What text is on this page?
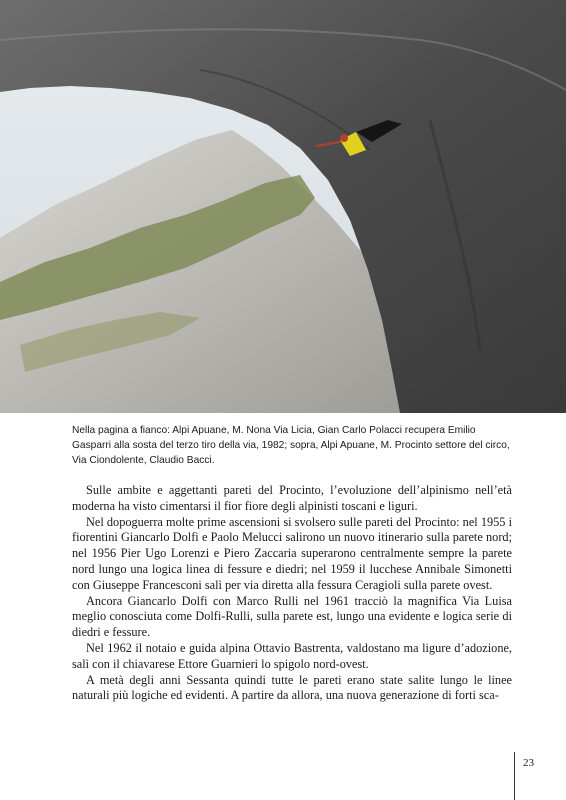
Nella pagina a fianco: Alpi Apuane, M. Nona Via Licia, Gian Carlo Polacci recupera Emilio Gasparri alla sosta del terzo tiro della via, 1982; sopra, Alpi Apuane, M. Procinto settore del circo, Via Ciondolente, Claudio Bacci.

Sulle ambite e aggettanti pareti del Procinto, l’evoluzione dell’alpinismo nell’età moderna ha visto cimentarsi il fior fiore degli alpinisti toscani e liguri.

Nel dopoguerra molte prime ascensioni si svolsero sulle pareti del Procinto: nel 1955 i fiorentini Giancarlo Dolfi e Paolo Melucci salirono un nuovo itinerario sulla parete nord; nel 1956 Pier Ugo Lorenzi e Piero Zaccaria superarono centralmente sempre la parete nord lungo una logica linea di fessure e diedri; nel 1959 il lucchese Annibale Simonetti con Giuseppe Francesconi salì per via diretta alla fessura Ceragioli sulla parete ovest.

Ancora Giancarlo Dolfi con Marco Rulli nel 1961 tracciò la magnifica Via Luisa meglio conosciuta come Dolfi-Rulli, sulla parete est, lungo una evidente e logica serie di diedri e fessure.

Nel 1962 il notaio e guida alpina Ottavio Bastrenta, valdostano ma ligure d’adozione, salì con il chiavarese Ettore Guarnieri lo spigolo nord-ovest.

A metà degli anni Sessanta quindi tutte le pareti erano state salite lungo le linee naturali più logiche ed evidenti. A partire da allora, una nuova generazione di forti sca-

23
